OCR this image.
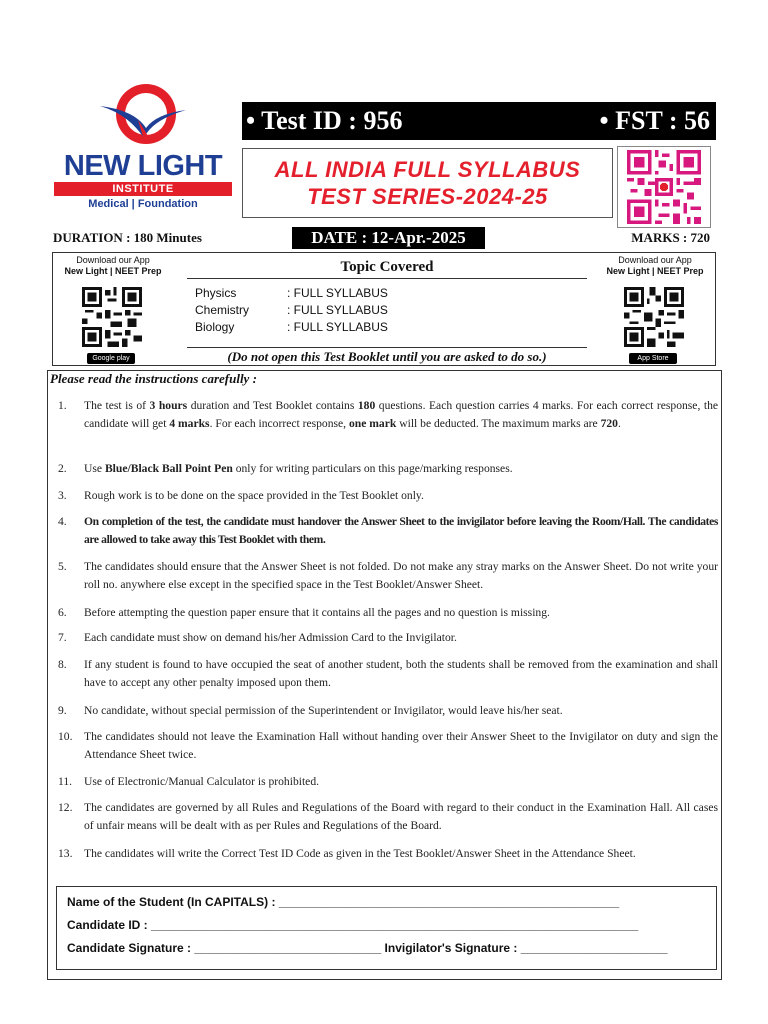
NEW LIGHT
INSTITUTE
Medical | Foundation
• Test ID : 956	• FST : 56
ALL INDIA FULL SYLLABUS
TEST SERIES-2024-25
DURATION : 180 Minutes	DATE : 12-Apr.-2025	MARKS : 720
Download our App
New Light | NEET Prep
Google play
Topic Covered
Physics	: FULL SYLLABUS
Chemistry	: FULL SYLLABUS
Biology	: FULL SYLLABUS
(Do not open this Test Booklet until you are asked to do so.)
Download our App
New Light | NEET Prep
App Store
Please read the instructions carefully :
1.	The test is of 3 hours duration and Test Booklet contains 180 questions. Each question carries 4 marks. For each correct response, the candidate will get 4 marks. For each incorrect response, one mark will be deducted. The maximum marks are 720.
2.	Use Blue/Black Ball Point Pen only for writing particulars on this page/marking responses.
3.	Rough work is to be done on the space provided in the Test Booklet only.
4.	On completion of the test, the candidate must handover the Answer Sheet to the invigilator before leaving the Room/Hall. The candidates are allowed to take away this Test Booklet with them.
5.	The candidates should ensure that the Answer Sheet is not folded. Do not make any stray marks on the Answer Sheet. Do not write your roll no. anywhere else except in the specified space in the Test Booklet/Answer Sheet.
6.	Before attempting the question paper ensure that it contains all the pages and no question is missing.
7.	Each candidate must show on demand his/her Admission Card to the Invigilator.
8.	If any student is found to have occupied the seat of another student, both the students shall be removed from the examination and shall have to accept any other penalty imposed upon them.
9.	No candidate, without special permission of the Superintendent or Invigilator, would leave his/her seat.
10. The candidates should not leave the Examination Hall without handing over their Answer Sheet to the Invigilator on duty and sign the Attendance Sheet twice.
11.	Use of Electronic/Manual Calculator is prohibited.
12. The candidates are governed by all Rules and Regulations of the Board with regard to their conduct in the Examination Hall. All cases of unfair means will be dealt with as per Rules and Regulations of the Board.
13. The candidates will write the Correct Test ID Code as given in the Test Booklet/Answer Sheet in the Attendance Sheet.
Name of the Student (In CAPITALS) : ___________________________________________________
Candidate ID : _________________________________________________________________________
Candidate Signature : ____________________________ Invigilator's Signature : ______________________
